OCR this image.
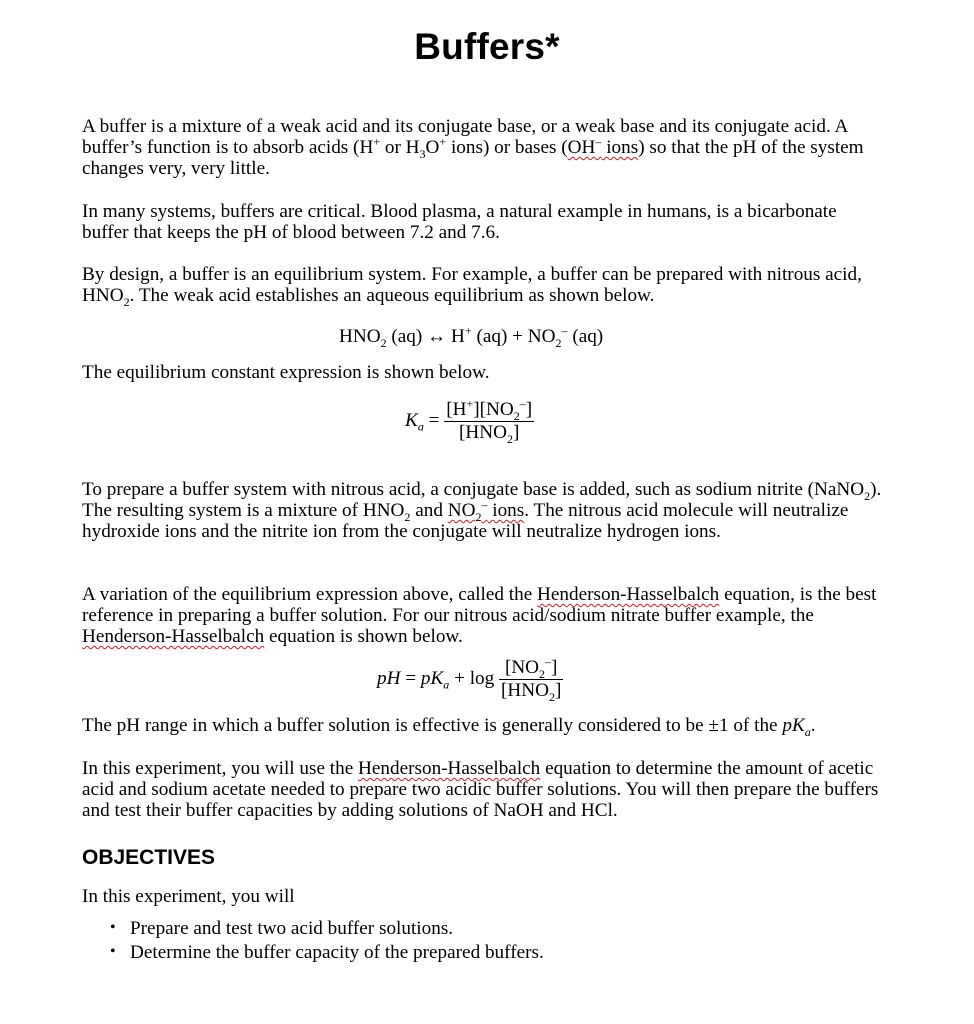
Buffers*
A buffer is a mixture of a weak acid and its conjugate base, or a weak base and its conjugate acid. A buffer’s function is to absorb acids (H+ or $H_3O^+$ ions) or bases (OH– ions) so that the pH of the system changes very, very little.
In many systems, buffers are critical. Blood plasma, a natural example in humans, is a bicarbonate buffer that keeps the pH of blood between 7.2 and 7.6.
By design, a buffer is an equilibrium system. For example, a buffer can be prepared with nitrous acid, $HNO_2$. The weak acid establishes an aqueous equilibrium as shown below.
$HNO_2$ (aq) ↔ H+ $(aq) + NO_2^-$ (aq)
The equilibrium constant expression is shown below.
$K_a = \frac{[H^+][NO_2^-]}{[HNO_2]}$
To prepare a buffer system with nitrous acid, a conjugate base is added, such as sodium nitrite (NaNO$_2$). The resulting system is a mixture of $HNO_2$ and $NO_2^-$ ions. The nitrous acid molecule will neutralize hydroxide ions and the nitrite ion from the conjugate will neutralize hydrogen ions.
A variation of the equilibrium expression above, called the Henderson-Hasselbalch equation, is the best reference in preparing a buffer solution. For our nitrous acid/sodium nitrate buffer example, the Henderson-Hasselbalch equation is shown below.
pH = $pK_a + \log \frac{[NO_2^-]}{[HNO_2]}$
The pH range in which a buffer solution is effective is generally considered to be ±1 of the $pK_a$.
In this experiment, you will use the Henderson-Hasselbalch equation to determine the amount of acetic acid and sodium acetate needed to prepare two acidic buffer solutions. You will then prepare the buffers and test their buffer capacities by adding solutions of NaOH and HCl.
OBJECTIVES
In this experiment, you will
• Prepare and test two acid buffer solutions.
• Determine the buffer capacity of the prepared buffers.
